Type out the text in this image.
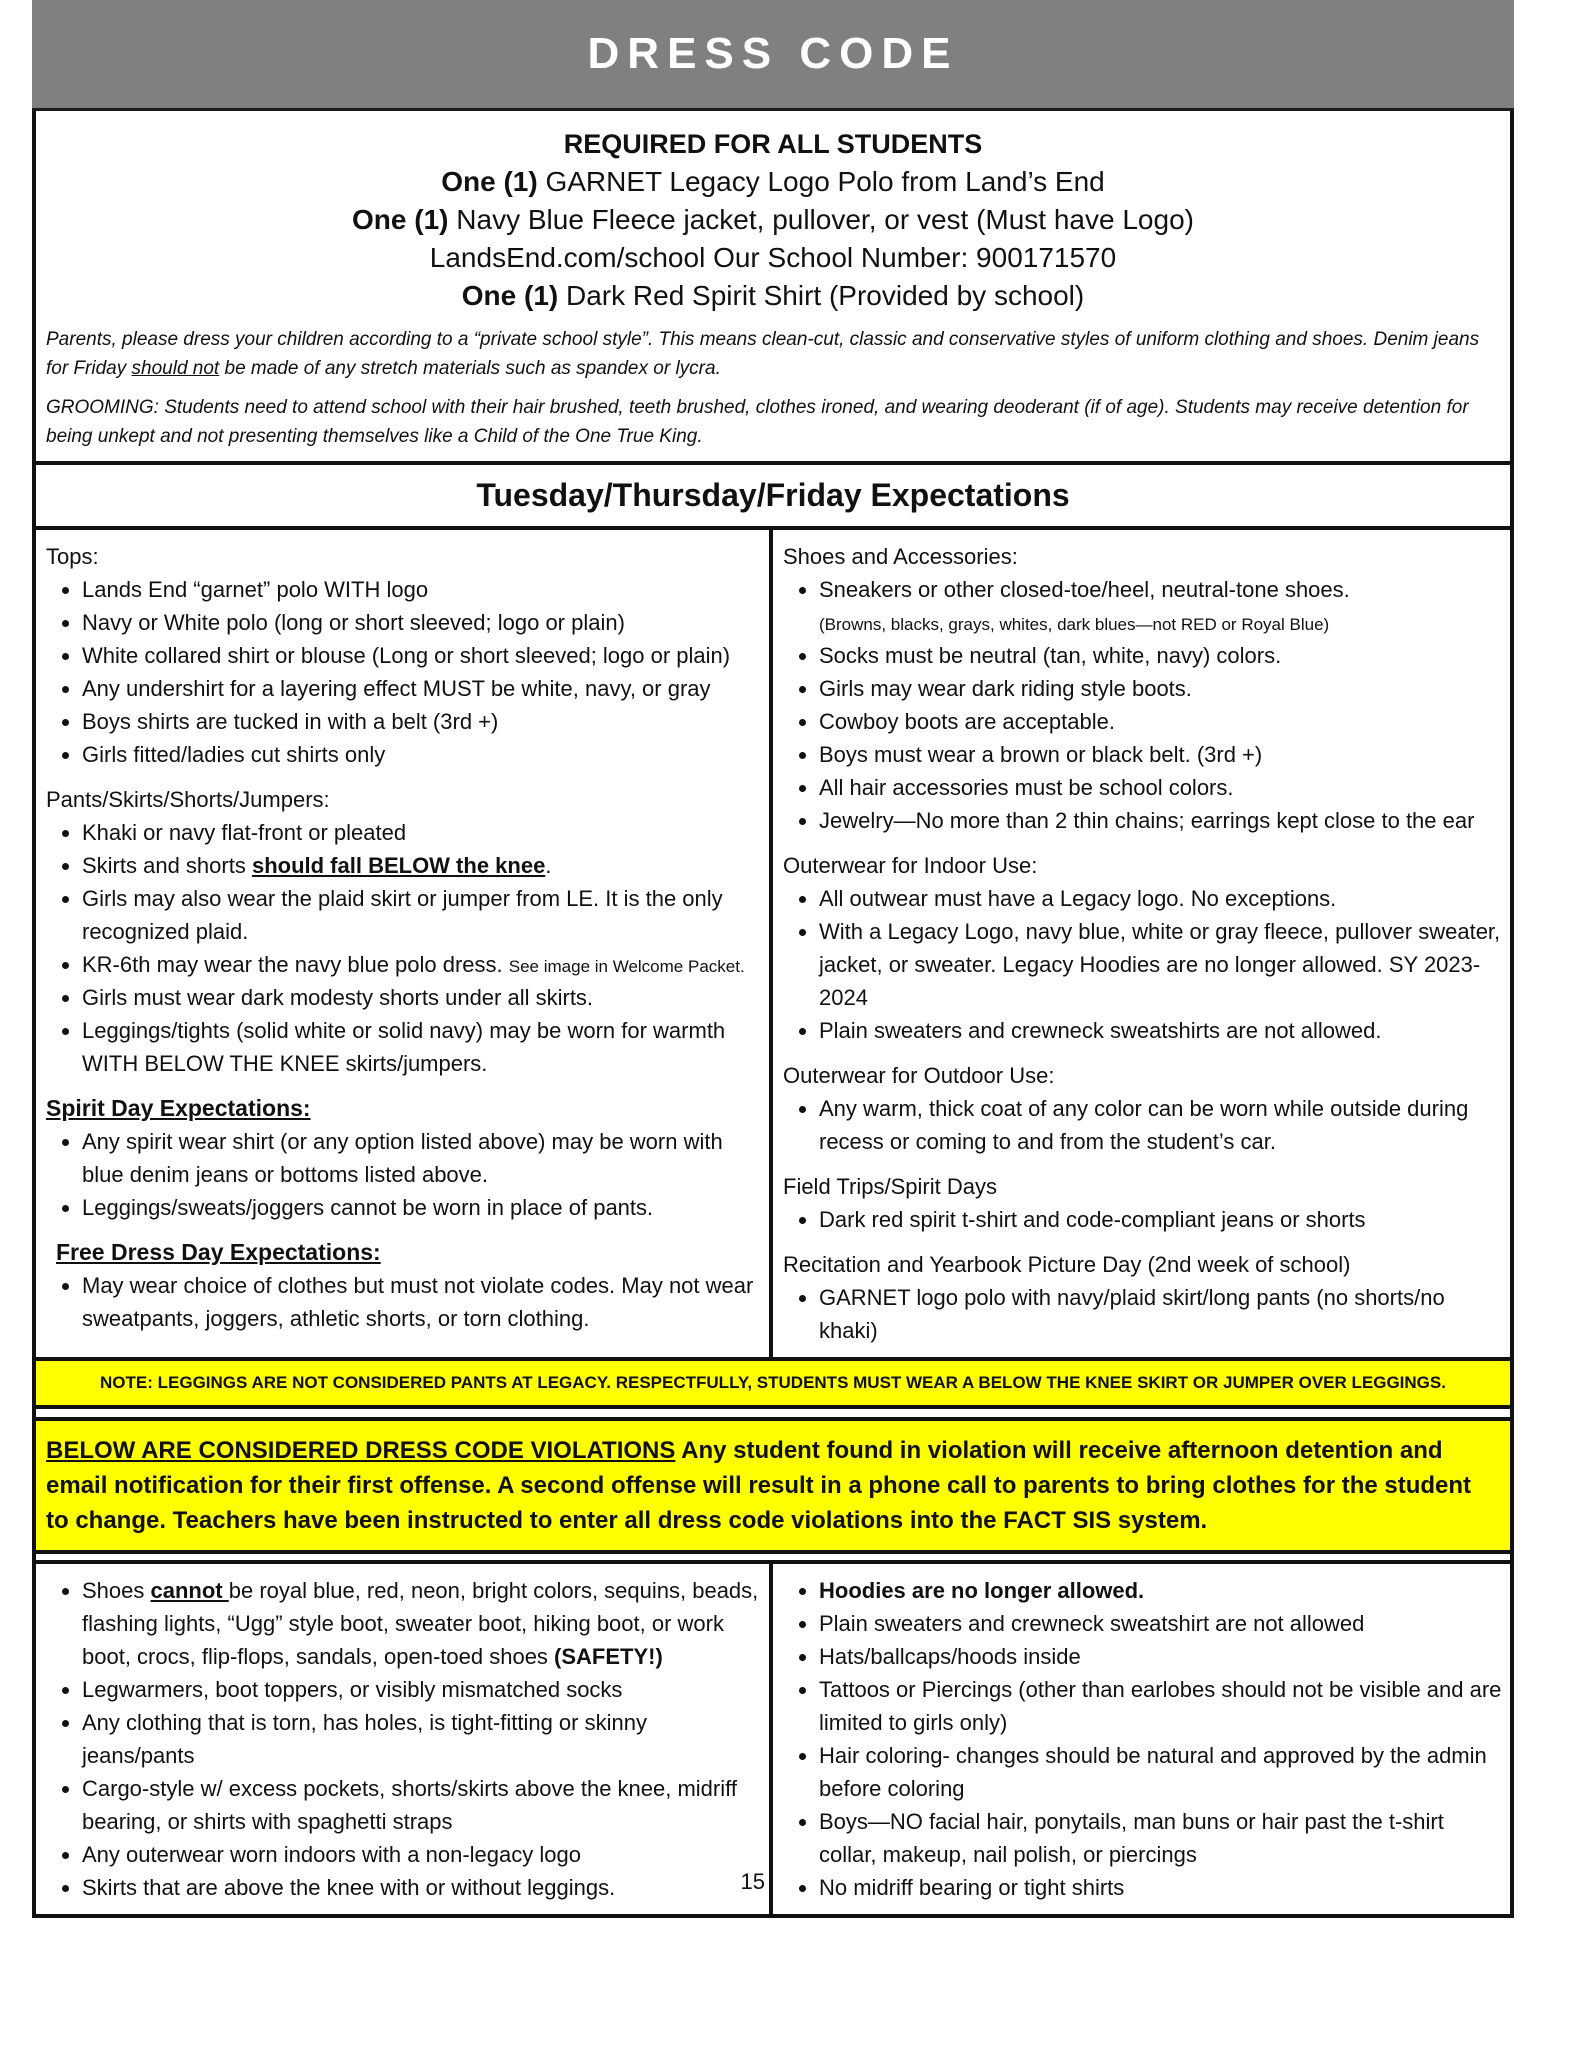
DRESS CODE
REQUIRED FOR ALL STUDENTS
One (1) GARNET Legacy Logo Polo from Land’s End
One (1) Navy Blue Fleece jacket, pullover, or vest (Must have Logo)
LandsEnd.com/school Our School Number: 900171570
One (1) Dark Red Spirit Shirt (Provided by school)

Parents, please dress your children according to a “private school style”. This means clean-cut, classic and conservative styles of uniform clothing and shoes. Denim jeans for Friday should not be made of any stretch materials such as spandex or lycra.

GROOMING: Students need to attend school with their hair brushed, teeth brushed, clothes ironed, and wearing deoderant (if of age). Students may receive detention for being unkept and not presenting themselves like a Child of the One True King.

Tuesday/Thursday/Friday Expectations
Tops:
• Lands End “garnet” polo WITH logo
• Navy or White polo (long or short sleeved; logo or plain)
• White collared shirt or blouse (Long or short sleeved; logo or plain)
• Any undershirt for a layering effect MUST be white, navy, or gray
• Boys shirts are tucked in with a belt (3rd +)
• Girls fitted/ladies cut shirts only
Pants/Skirts/Shorts/Jumpers:
• Khaki or navy flat-front or pleated
• Skirts and shorts should fall BELOW the knee.
• Girls may also wear the plaid skirt or jumper from LE. It is the only recognized plaid.
• KR-6th may wear the navy blue polo dress. See image in Welcome Packet.
• Girls must wear dark modesty shorts under all skirts.
• Leggings/tights (solid white or solid navy) may be worn for warmth WITH BELOW THE KNEE skirts/jumpers.
Spirit Day Expectations:
• Any spirit wear shirt (or any option listed above) may be worn with blue denim jeans or bottoms listed above.
• Leggings/sweats/joggers cannot be worn in place of pants.
Free Dress Day Expectations:
• May wear choice of clothes but must not violate codes. May not wear sweatpants, joggers, athletic shorts, or torn clothing.
Shoes and Accessories:
• Sneakers or other closed-toe/heel, neutral-tone shoes.
(Browns, blacks, grays, whites, dark blues—not RED or Royal Blue)
• Socks must be neutral (tan, white, navy) colors.
• Girls may wear dark riding style boots.
• Cowboy boots are acceptable.
• Boys must wear a brown or black belt. (3rd +)
• All hair accessories must be school colors.
• Jewelry—No more than 2 thin chains; earrings kept close to the ear
Outerwear for Indoor Use:
• All outwear must have a Legacy logo. No exceptions.
• With a Legacy Logo, navy blue, white or gray fleece, pullover sweater, jacket, or sweater. Legacy Hoodies are no longer allowed. SY 2023-2024
• Plain sweaters and crewneck sweatshirts are not allowed.
Outerwear for Outdoor Use:
• Any warm, thick coat of any color can be worn while outside during recess or coming to and from the student’s car.
Field Trips/Spirit Days
• Dark red spirit t-shirt and code-compliant jeans or shorts
Recitation and Yearbook Picture Day (2nd week of school)
• GARNET logo polo with navy/plaid skirt/long pants (no shorts/no khaki)
NOTE: LEGGINGS ARE NOT CONSIDERED PANTS AT LEGACY. RESPECTFULLY, STUDENTS MUST WEAR A BELOW THE KNEE SKIRT OR JUMPER OVER LEGGINGS.
BELOW ARE CONSIDERED DRESS CODE VIOLATIONS Any student found in violation will receive afternoon detention and email notification for their first offense. A second offense will result in a phone call to parents to bring clothes for the student to change. Teachers have been instructed to enter all dress code violations into the FACT SIS system.
• Shoes cannot be royal blue, red, neon, bright colors, sequins, beads, flashing lights, “Ugg” style boot, sweater boot, hiking boot, or work boot, crocs, flip-flops, sandals, open-toed shoes (SAFETY!)
• Legwarmers, boot toppers, or visibly mismatched socks
• Any clothing that is torn, has holes, is tight-fitting or skinny jeans/pants
• Cargo-style w/ excess pockets, shorts/skirts above the knee, midriff bearing, or shirts with spaghetti straps
• Any outerwear worn indoors with a non-legacy logo
• Skirts that are above the knee with or without leggings.	15
• Hoodies are no longer allowed.
• Plain sweaters and crewneck sweatshirt are not allowed
• Hats/ballcaps/hoods inside
• Tattoos or Piercings (other than earlobes should not be visible and are limited to girls only)
• Hair coloring- changes should be natural and approved by the admin before coloring
• Boys—NO facial hair, ponytails, man buns or hair past the t-shirt collar, makeup, nail polish, or piercings
• No midriff bearing or tight shirts
